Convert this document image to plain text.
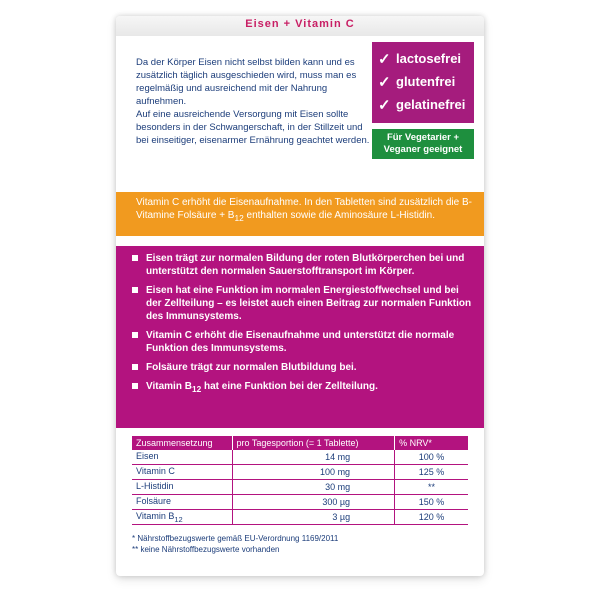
Eisen + Vitamin C

Da der Körper Eisen nicht selbst bilden kann und es zusätzlich täglich ausgeschieden wird, muss man es regelmäßig und ausreichend mit der Nahrung aufnehmen.

Auf eine ausreichende Versorgung mit Eisen sollte besonders in der Schwangerschaft, in der Stillzeit und bei einseitiger, eisenarmer Ernährung geachtet werden.

✓ lactosefrei
✓ glutenfrei
✓ gelatinefrei
Für Vegetarier +
Veganer geeignet
Vitamin C erhöht die Eisenaufnahme. In den Tabletten sind zusätzlich die B-Vitamine Folsäure + $B_{12}$ enthalten sowie die Aminosäure L-Histidin.
Eisen trägt zur normalen Bildung der roten Blutkörperchen bei und unterstützt den normalen Sauerstofftransport im Körper.
Eisen hat eine Funktion im normalen Energiestoffwechsel und bei der Zellteilung – es leistet auch einen Beitrag zur normalen Funktion des Immunsystems.
Vitamin C erhöht die Eisenaufnahme und unterstützt die normale Funktion des Immunsystems.
Folsäure trägt zur normalen Blutbildung bei.
Vitamin $B_{12}$ hat eine Funktion bei der Zellteilung.
Zusammensetzung	pro Tagesportion (= 1 Tablette)	% NRV*
Eisen	14 mg	100 %
Vitamin C	100 mg	125 %
L-Histidin	30 mg	**
Folsäure	300 µg	150 %
Vitamin $B_{12}$	3 µg	120 %

* Nährstoffbezugswerte gemäß EU-Verordnung 1169/2011

** keine Nährstoffbezugswerte vorhanden
